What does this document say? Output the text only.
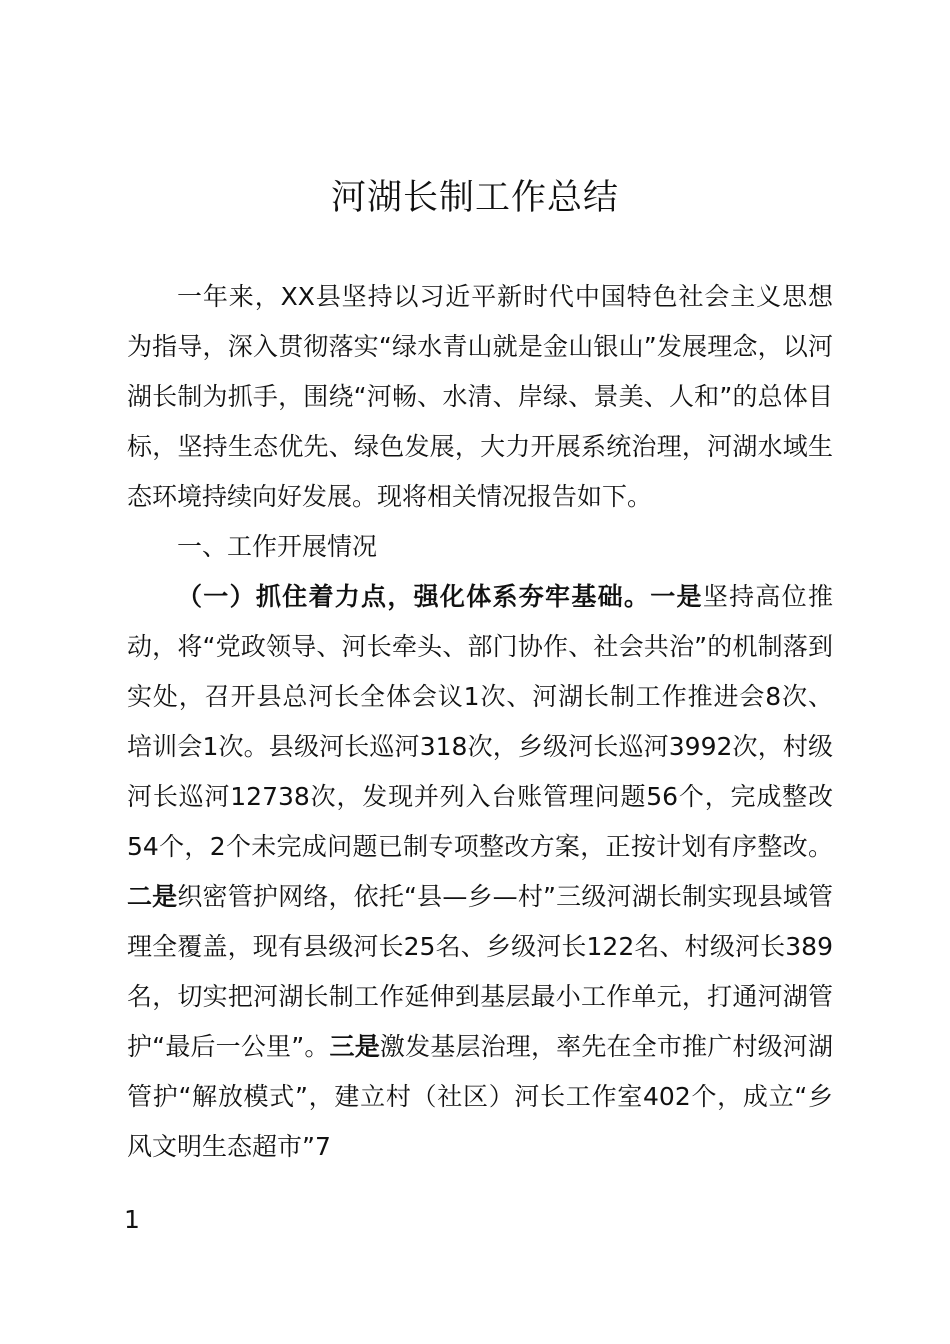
河湖长制工作总结

一年来，XX县坚持以习近平新时代中国特色社会主义思想为指导，深入贯彻落实“绿水青山就是金山银山”发展理念，以河湖长制为抓手，围绕“河畅、水清、岸绿、景美、人和”的总体目标，坚持生态优先、绿色发展，大力开展系统治理，河湖水域生态环境持续向好发展。现将相关情况报告如下。

一、工作开展情况

（一）抓住着力点，强化体系夯牢基础。一是坚持高位推动，将“党政领导、河长牵头、部门协作、社会共治”的机制落到实处，召开县总河长全体会议1次、河湖长制工作推进会8次、培训会1次。县级河长巡河318次，乡级河长巡河3992次，村级河长巡河12738次，发现并列入台账管理问题56个，完成整改54个，2个未完成问题已制专项整改方案，正按计划有序整改。二是织密管护网络，依托“县—乡—村”三级河湖长制实现县域管理全覆盖，现有县级河长25名、乡级河长122名、村级河长389名，切实把河湖长制工作延伸到基层最小工作单元，打通河湖管护“最后一公里”。三是激发基层治理，率先在全市推广村级河湖管护“解放模式”，建立村（社区）河长工作室402个，成立“乡风文明生态超市”7

1
